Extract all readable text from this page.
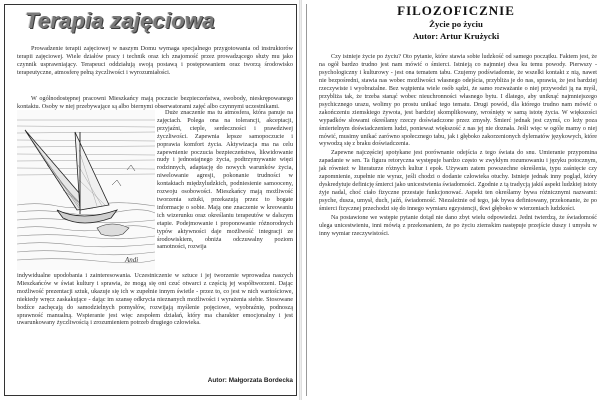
Terapia zajęciowa

Prowadzenie terapii zajęciowej w naszym Domu wymaga specjalnego przygotowania od instruktorów terapii zajęciowej. Wiele działów pracy i technik oraz ich znajomość przez prowadzącego służy mu jako czynnik usprawniający. Terapeuci oddziałują swoją postawą i postępowaniem oraz tworzą środowisko terapeutyczne, atmosferę pełną życzliwości i wyrozumiałości.

W ogólnodostępnej pracowni Mieszkańcy mają poczucie bezpieczeństwa, swobody, nieskrępowanego kontaktu. Osoby w niej przebywające są albo biernymi obserwatorami zajęć albo czynnymi uczestnikami.

Andi

Duże znaczenie ma tu atmosfera, która panuje na zajęciach. Polega ona na tolerancji, akceptacji, przyjaźni, cieple, serdeczności i prawdziwej życzliwości. Zapewnia lepsze samopoczucie i poprawia komfort życia. Aktywizacja ma na celu zapewnienie poczucia bezpieczeństwa, likwidowanie nudy i jednostajnego życia, podtrzymywanie więzi rodzinnych, adaptację do nowych warunków życia, niwelowanie agresji, pokonanie trudności w kontaktach międzyludzkich, podniesienie samooceny, rozwoju osobowości. Mieszkańcy mają możliwość tworzenia sztuki, przekazują przez to bogate informacje o sobie. Mają one znaczenie w kreowaniu ich wizerunku oraz określaniu terapeutów w dalszym etapie. Podejmowanie i proponowanie różnorodnych typów aktywności daje możliwość integracji ze środowiskiem, obniża odczuwalny poziom samotności, rozwija

indywidualne upodobania i zainteresowania. Uczestniczenie w sztuce i jej tworzenie wprowadza naszych Mieszkańców w świat kultury i sprawia, że mogą się oni czuć otwarci z częścią jej współtworzeni. Dając możliwość prezentacji sztuk, ukazuje się ich w zupełnie innym świetle - przez to, co jest w nich wartościowe, niekiedy wręcz zaskakujące - dając im szansę odkrycia nieznanych możliwości i wyrażenia siebie. Stosowane bodźce zachęcają do samodzielnych pomysłów, rozwijają myślenie pojęciowe, wyobraźnię, podnoszą sprawność manualną. Wspieranie jest więc zespołem działań, który ma charakter emocjonalny i jest uwarunkowany życzliwością i zrozumieniem potrzeb drugiego człowieka.

Autor: Małgorzata Bordecka
FILOZOFICZNIE
Życie po życiu
Autor: Artur Krużycki

Czy istnieje życie po życiu? Oto pytanie, które stawia sobie ludzkość od samego początku. Faktem jest, że na ogół bardzo trudno jest nam mówić o śmierci. Istnieją co najmniej dwa ku temu powody. Pierwszy - psychologiczny i kulturowy - jest ona tematem tabu. Czujemy podświadomie, że wszelki kontakt z nią, nawet nie bezpośredni, stawia nas wobec możliwości własnego odejścia, przybliża je do nas, sprawia, że jest bardziej rzeczywiste i wyobrażalne. Bez wątpienia wiele osób sądzi, że samo rozważanie o niej przywodzi ją na myśl, przybliża tak, że trzeba stanąć wobec nieuchronności własnego bytu. I dlatego, aby uniknąć najmniejszego psychicznego urazu, wolimy po prostu unikać tego tematu. Drugi powód, dla którego trudno nam mówić o zakończeniu ziemskiego żywota, jest bardziej skomplikowany, wrośnięty w samą istotę życia. W większości wypadków słowami określamy rzeczy doświadczone przez zmysły. Śmierć jednak jest czymś, co leży poza śmiertelnym doświadczeniem ludzi, ponieważ większość z nas jej nie doznała. Jeśli więc w ogóle mamy o niej mówić, musimy unikać zarówno społecznego tabu, jak i głęboko zakorzenionych dylematów językowych, które wywodzą się z braku doświadczenia.

Zapewne najczęściej spotykane jest porównanie odejścia z tego świata do snu. Umieranie przypomina zapadanie w sen. Ta figura retoryczna występuje bardzo często w zwykłym rozumowaniu i języku potocznym, jak również w literaturze różnych kultur i epok. Używam zatem powszechne określenia, typu zaśnięcie czy zapomnienie, zupełnie nie wyraz, jeśli chodzi o dodanie człowieka otuchy. Istnieje jednak inny pogląd, który dyskredytuje definicję śmierci jako unicestwienia świadomości. Zgodnie z tą tradycją jakiś aspekt ludzkiej istoty żyje nadal, choć ciało fizyczne przestaje funkcjonować. Aspekt ten określamy bywa różnicznymi nazwami: psyche, dusza, umysł, duch, jaźń, świadomość. Niezależnie od tego, jak bywa definiowany, przekonanie, że po śmierci fizycznej przechodzi się do innego wymiaru egzystencji, tkwi głęboko w wierzeniach ludzkości.

Na postawione we wstępie pytanie dotąd nie dano zbyt wielu odpowiedzi. Jedni twierdzą, że świadomość ulega unicestwieniu, inni mówią z przekonaniem, że po życiu ziemskim następuje przejście duszy i umysłu w inny wymiar rzeczywistości.
